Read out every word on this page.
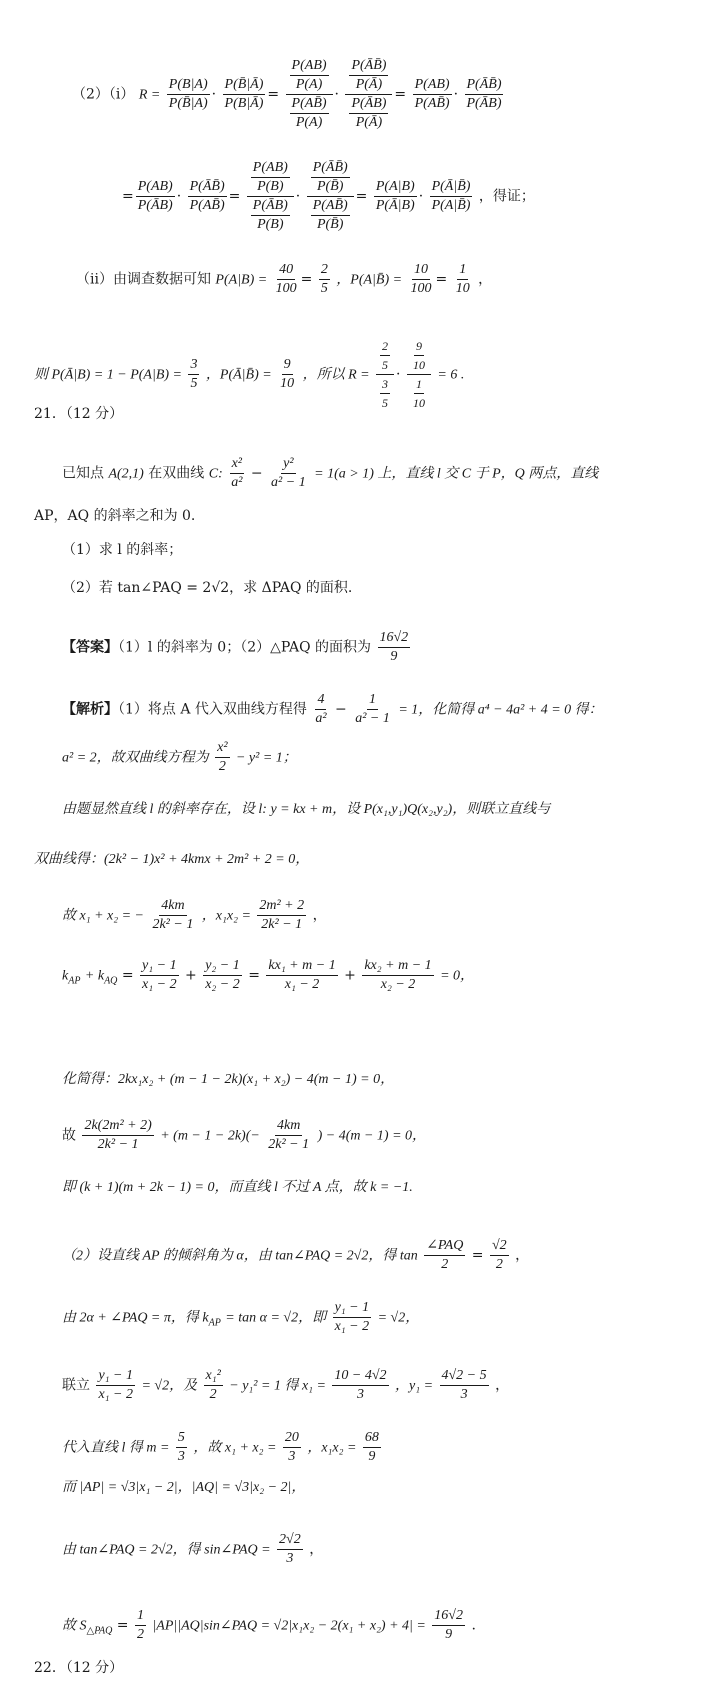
（2）（i） $R = \frac{P(B|A)}{P(B̄|A)} \cdot \frac{P(B̄|Ā)}{P(B|Ā)} = \frac{\frac{P(AB)}{P(A)}}{\frac{P(AB̄)}{P(A)}} \cdot \frac{\frac{P(ĀB̄)}{P(Ā)}}{\frac{P(ĀB)}{P(Ā)}} = \frac{P(AB)}{P(AB̄)} \cdot \frac{P(ĀB̄)}{P(ĀB)}$
= $\frac{P(AB)}{P(ĀB)} \cdot \frac{P(ĀB̄)}{P(AB̄)} = \frac{\frac{P(AB)}{P(B)}}{\frac{P(ĀB)}{P(B)}} \cdot \frac{\frac{P(ĀB̄)}{P(B̄)}}{\frac{P(AB̄)}{P(B̄)}} = \frac{P(A|B)}{P(Ā|B)} \cdot \frac{P(Ā|B̄)}{P(A|B̄)}$ ，得证；
（ii）由调查数据可知 $P(A|B) = \frac{40}{100} = \frac{2}{5}$ ，P(A|B̄) = $\frac{10}{100} = \frac{1}{10}$ ，
则 P(Ā|B) = $1 - P(A|B) = \frac{3}{5}$ ，P(Ā|B̄) = $\frac{9}{10}$ ，所以 $R = \frac{\frac{2}{5}}{\frac{3}{5}} \cdot \frac{\frac{9}{10}}{\frac{1}{10}} = 6$ .
21．（12 分）
已知点 A(2,1) 在双曲线 C: $\frac{\text{x²}}{\text{a²}} - \frac{\text{y²}}{\text{a² − 1}} = 1(a > 1)$ 上，直线 l 交 C 于 P，Q 两点，直线
AP，AQ 的斜率之和为 0.
（1）求 l 的斜率；
（2）若 tan∠PAQ = 2√2，求 ΔPAQ 的面积.
【答案】（1）l 的斜率为 0；（2）△PAQ 的面积为 $\frac{16√2}{9}$
【解析】（1）将点 A 代入双曲线方程得 $\frac{4}{\text{a²}} - \frac{1}{\text{a² − 1}} = 1$，化简得 a⁴ − 4a² + 4 = 0 得：
a² = 2，故双曲线方程为 $\frac{\text{x²}}{2} - y^2 = 1$；
由题显然直线 l 的斜率存在，设 l: y = kx + m，设 P(x₁,y₁)Q(x₂,y₂)，则联立直线与
双曲线得：(2k² − 1)x² + 4kmx + 2m² + 2 = 0，
故 x₁ + x₂ = − $\frac{4km}{\text{2k² − 1}}$ ，$x_1x_2 = \frac{\text{2m² + 2}}{\text{2k² − 1}}$ ，
$k_{AP} + k_{AQ} = \frac{\text{y₁ − 1}}{\text{x₁ − 2}} + \frac{\text{y₂ − 1}}{\text{x₂ − 2}} = \frac{\text{kx₁ + m − 1}}{\text{x₁ − 2}} + \frac{\text{kx₂ + m − 1}}{\text{x₂ − 2}} = 0$，
化简得：2kx₁x₂ + (m − 1 − 2k)(x₁ + x₂) − 4(m − 1) = 0，
故 $\frac{\text{2k(2m² + 2)}}{\text{2k² − 1}} + (m - 1 - 2k)(- \frac{4km}{\text{2k² − 1}}$ ) − 4(m − 1) = 0，
即 (k + 1)(m + 2k − 1) = 0，而直线 l 不过 A 点，故 k = −1.
（2）设直线 AP 的倾斜角为 α，由 tan∠PAQ = 2√2，得 tan
∠PAQ
2
= $\frac{√2}{2}$ ，
由 2α + ∠PAQ = π，得 $k_{AP} = \tan \alpha = √2$，即 $\frac{\text{y₁ − 1}}{\text{x₁ − 2}} = √2$，
联立 $\frac{\text{y₁ − 1}}{\text{x₁ − 2}} = √2$，及 $\frac{\text{x₁²}}{2} - y_1^2 = 1$ 得 $x_1 = \frac{10 - 4√2}{3}$ ，$y_1 = \frac{4√2 - 5}{3}$ ，
代入直线 l 得 $m = \frac{5}{3}$ ，故 $x_1 + x_2 = \frac{20}{3}$ ，$x_1x_2 = \frac{68}{9}$
而 |AP| = √3|x₁ − 2|，|AQ| = √3|x₂ − 2|，
由 tan∠PAQ = 2√2，得 sin∠PAQ = $\frac{2√2}{3}$ ，
故 $S_{\triangle PAQ} = \frac{1}{2}$ |AP||AQ|sin∠PAQ = $√2|x_1x_2 - 2(x_1 + x_2) + 4| = \frac{16√2}{9}$ .
22．（12 分）
